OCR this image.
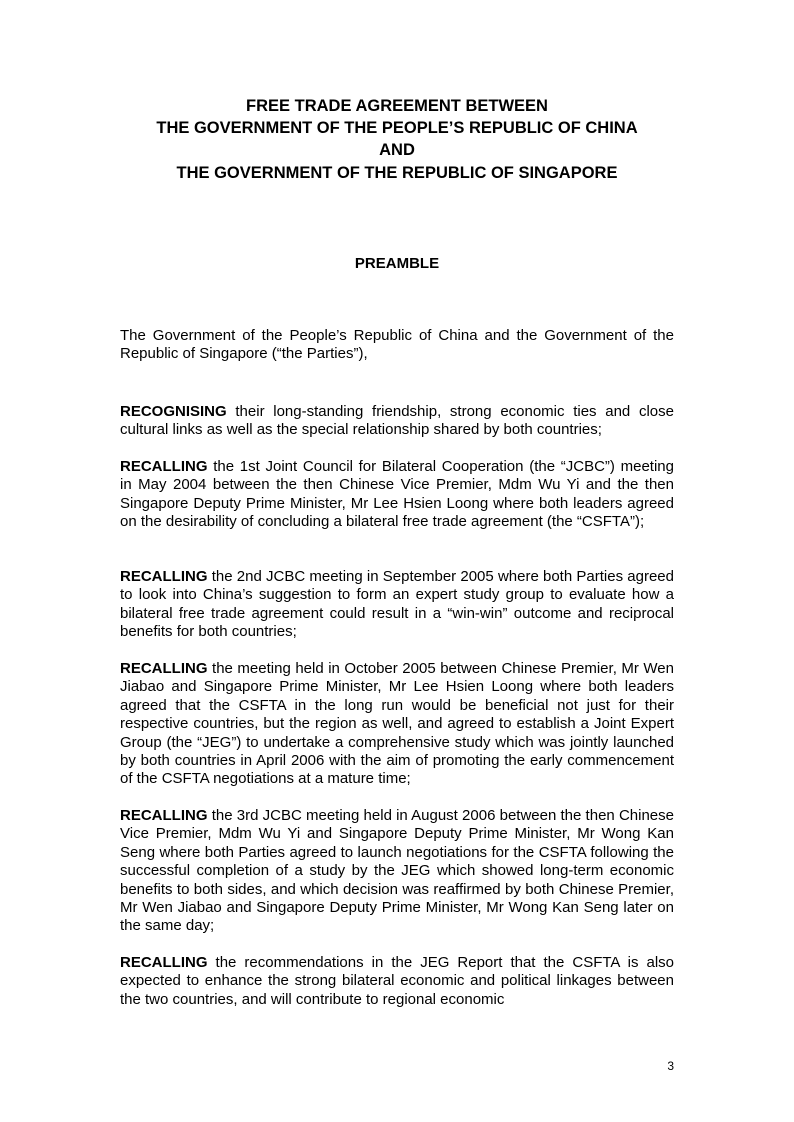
FREE TRADE AGREEMENT BETWEEN
THE GOVERNMENT OF THE PEOPLE’S REPUBLIC OF CHINA
AND
THE GOVERNMENT OF THE REPUBLIC OF SINGAPORE
PREAMBLE

The Government of the People’s Republic of China and the Government of the Republic of Singapore (“the Parties”),

RECOGNISING their long-standing friendship, strong economic ties and close cultural links as well as the special relationship shared by both countries;

RECALLING the 1st Joint Council for Bilateral Cooperation (the “JCBC”) meeting in May 2004 between the then Chinese Vice Premier, Mdm Wu Yi and the then Singapore Deputy Prime Minister, Mr Lee Hsien Loong where both leaders agreed on the desirability of concluding a bilateral free trade agreement (the “CSFTA”);

RECALLING the 2nd JCBC meeting in September 2005 where both Parties agreed to look into China’s suggestion to form an expert study group to evaluate how a bilateral free trade agreement could result in a “win-win” outcome and reciprocal benefits for both countries;

RECALLING the meeting held in October 2005 between Chinese Premier, Mr Wen Jiabao and Singapore Prime Minister, Mr Lee Hsien Loong where both leaders agreed that the CSFTA in the long run would be beneficial not just for their respective countries, but the region as well, and agreed to establish a Joint Expert Group (the “JEG”) to undertake a comprehensive study which was jointly launched by both countries in April 2006 with the aim of promoting the early commencement of the CSFTA negotiations at a mature time;

RECALLING the 3rd JCBC meeting held in August 2006 between the then Chinese Vice Premier, Mdm Wu Yi and Singapore Deputy Prime Minister, Mr Wong Kan Seng where both Parties agreed to launch negotiations for the CSFTA following the successful completion of a study by the JEG which showed long-term economic benefits to both sides, and which decision was reaffirmed by both Chinese Premier, Mr Wen Jiabao and Singapore Deputy Prime Minister, Mr Wong Kan Seng later on the same day;

RECALLING the recommendations in the JEG Report that the CSFTA is also expected to enhance the strong bilateral economic and political linkages between the two countries, and will contribute to regional economic

3
